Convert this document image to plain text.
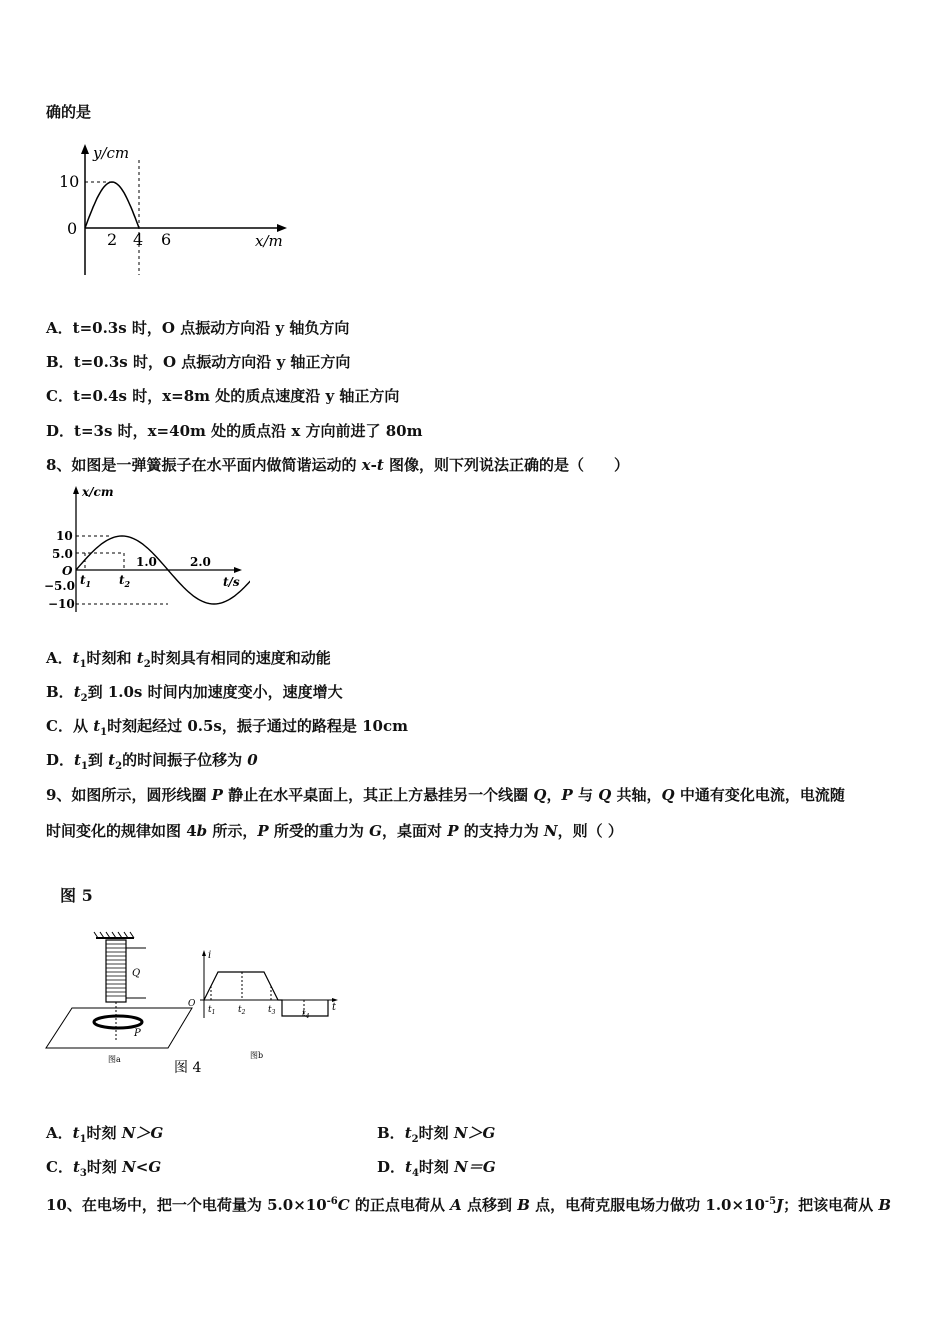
确的是
y/cm
10
0
2 4 6	x/m
A．t=0.3s 时，O 点振动方向沿 y 轴负方向
B．t=0.3s 时，O 点振动方向沿 y 轴正方向
C．t=0.4s 时，x=8m 处的质点速度沿 y 轴正方向
D．t=3s 时，x=40m 处的质点沿 x 方向前进了 80m
8、如图是一弹簧振子在水平面内做简谐运动的 x-t 图像，则下列说法正确的是（　　）
x/cm
10
5.0
O
−5.0
−10
1.0	2.0
$t_1$ $t_2$	t/s
A．$t_1$时刻和 $t_2$时刻具有相同的速度和动能
B．$t_2$到 1.0s 时间内加速度变小，速度增大
C．从 $t_1$时刻起经过 0.5s，振子通过的路程是 10cm
D．$t_1$到 $t_2$的时间振子位移为 0
9、如图所示，圆形线圈 P 静止在水平桌面上，其正上方悬挂另一个线圈 Q，P 与 Q 共轴，Q 中通有变化电流，电流随
时间变化的规律如图 4b 所示，P 所受的重力为 G，桌面对 P 的支持力为 N，则（ ）
图 5
Q
P
图a
i
O	t
$t_1$	$t_2$	$t_3$	$t_4$
图b
图 4
A．$t_1$时刻 N＞G	B．$t_2$时刻 N＞G
C．$t_3$时刻 N<G	D．$t_4$时刻 N＝G
10、在电场中，把一个电荷量为 $5.0\times 10^{-6}C$ 的正点电荷从 A 点移到 B 点，电荷克服电场力做功 $1.0\times 10^{-5}J$；把该电荷从 B
